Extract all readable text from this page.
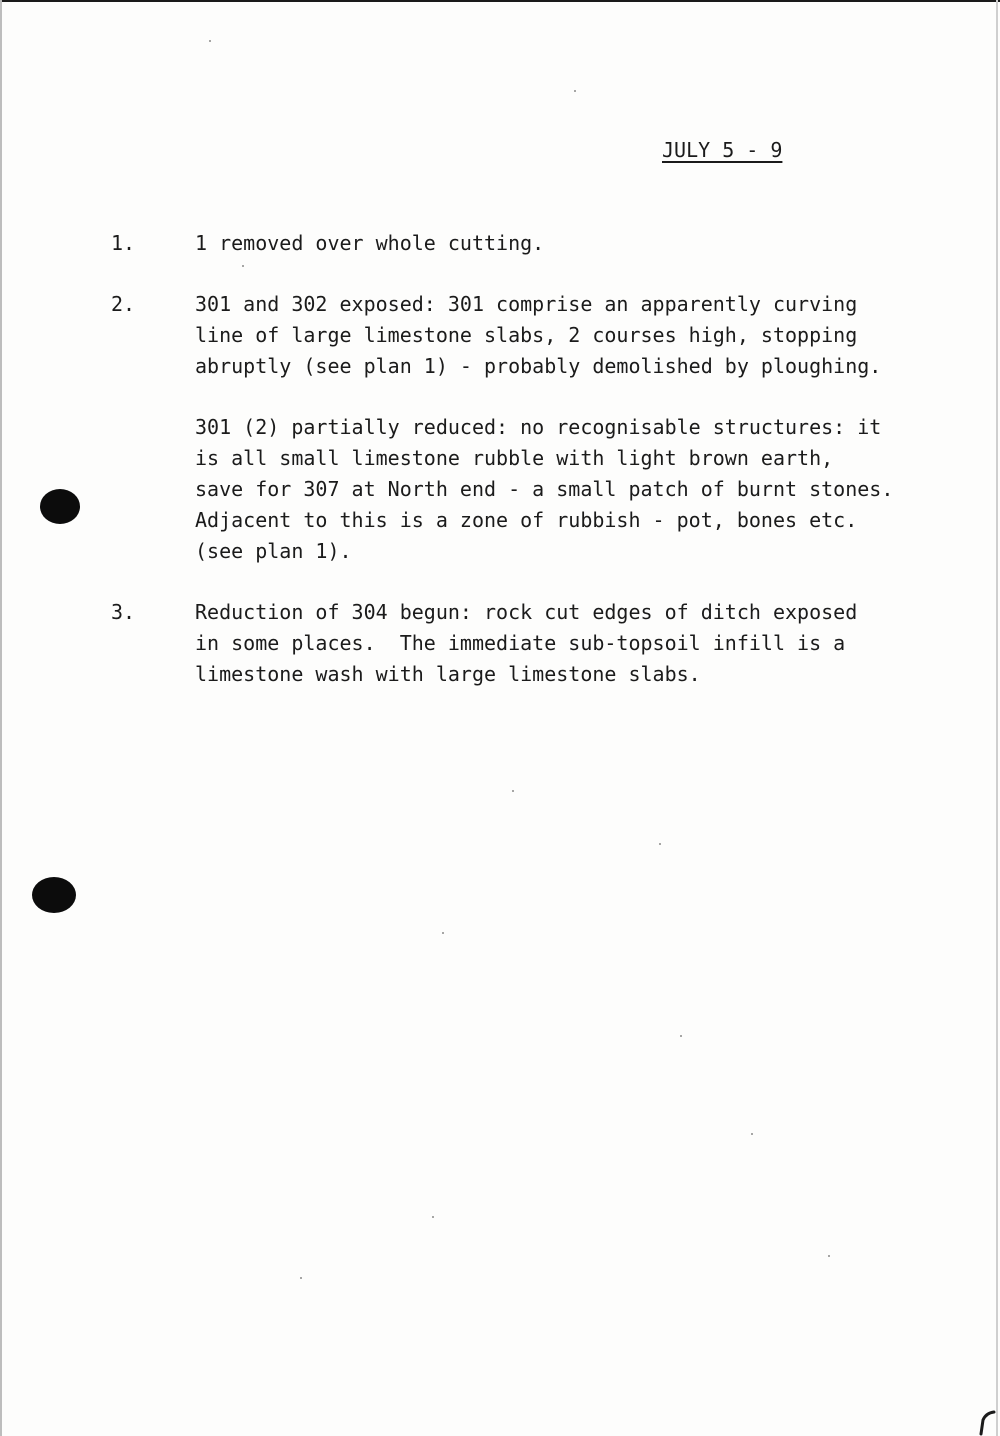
JULY 5 - 9
1.	1 removed over whole cutting.
2.	301 and 302 exposed: 301 comprise an apparently curving
line of large limestone slabs, 2 courses high, stopping
abruptly (see plan 1) - probably demolished by ploughing.
301 (2) partially reduced: no recognisable structures: it
is all small limestone rubble with light brown earth,
save for 307 at North end - a small patch of burnt stones.
Adjacent to this is a zone of rubbish - pot, bones etc.
(see plan 1).
3.	Reduction of 304 begun: rock cut edges of ditch exposed
in some places.  The immediate sub-topsoil infill is a
limestone wash with large limestone slabs.
